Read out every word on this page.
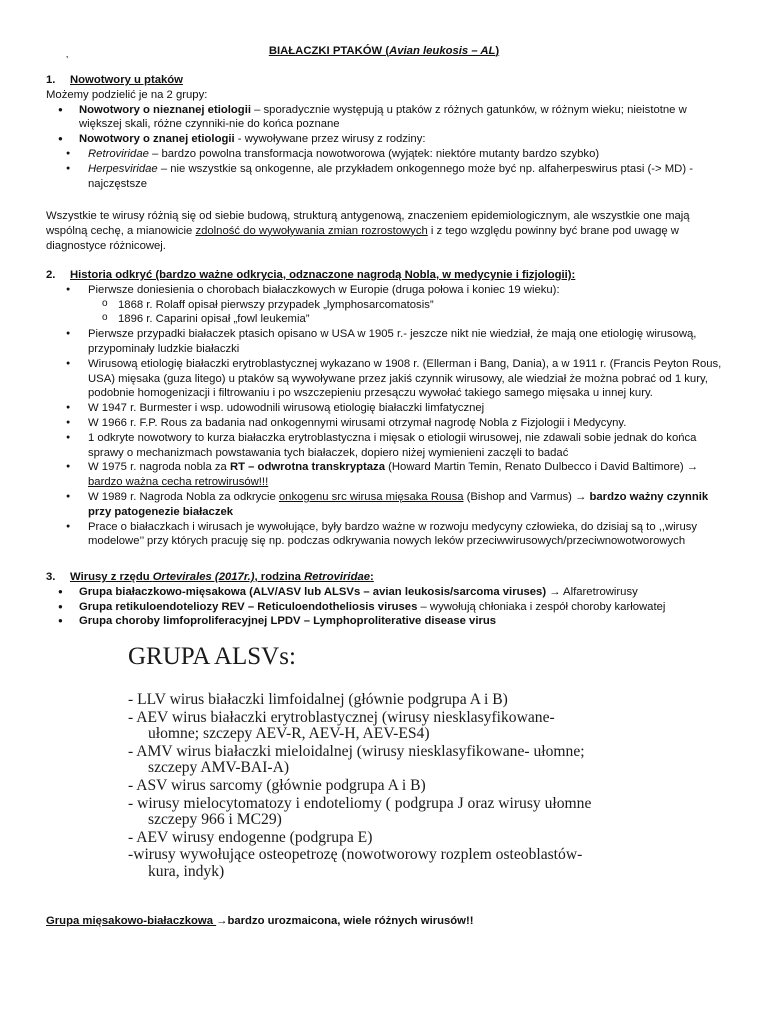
BIAŁACZKI PTAKÓW (Avian leukosis – AL)
’
1. Nowotwory u ptaków
Możemy podzielić je na 2 grupy:
● Nowotwory o nieznanej etiologii – sporadycznie występują u ptaków z różnych gatunków, w różnym wieku; nieistotne w większej skali, różne czynniki-nie do końca poznane
● Nowotwory o znanej etiologii - wywoływane przez wirusy z rodziny:
● Retroviridae – bardzo powolna transformacja nowotworowa (wyjątek: niektóre mutanty bardzo szybko)
● Herpesviridae – nie wszystkie są onkogenne, ale przykładem onkogennego może być np. alfaherpeswirus ptasi (-> MD) - najczęstsze
Wszystkie te wirusy różnią się od siebie budową, strukturą antygenową, znaczeniem epidemiologicznym, ale wszystkie one mają wspólną cechę, a mianowicie zdolność do wywoływania zmian rozrostowych i z tego względu powinny być brane pod uwagę w diagnostyce różnicowej.
2. Historia odkryć (bardzo ważne odkrycia, odznaczone nagrodą Nobla, w medycynie i fizjologii):
● Pierwsze doniesienia o chorobach białaczkowych w Europie (druga połowa i koniec 19 wieku):
o 1868 r. Rolaff opisał pierwszy przypadek „lymphosarcomatosis”
o 1896 r. Caparini opisał „fowl leukemia”
● Pierwsze przypadki białaczek ptasich opisano w USA w 1905 r.- jeszcze nikt nie wiedział, że mają one etiologię wirusową, przypominały ludzkie białaczki
● Wirusową etiologię białaczki erytroblastycznej wykazano w 1908 r. (Ellerman i Bang, Dania), a w 1911 r. (Francis Peyton Rous, USA) mięsaka (guza litego) u ptaków są wywoływane przez jakiś czynnik wirusowy, ale wiedział że można pobrać od 1 kury, podobnie homogenizacji i filtrowaniu i po wszczepieniu przesączu wywołać takiego samego mięsaka u innej kury.
● W 1947 r. Burmester i wsp. udowodnili wirusową etiologię białaczki limfatycznej
● W 1966 r. F.P. Rous za badania nad onkogennymi wirusami otrzymał nagrodę Nobla z Fizjologii i Medycyny.
● 1 odkryte nowotwory to kurza białaczka erytroblastyczna i mięsak o etiologii wirusowej, nie zdawali sobie jednak do końca sprawy o mechanizmach powstawania tych białaczek, dopiero niżej wymienieni zaczęli to badać
● W 1975 r. nagroda nobla za RT – odwrotna transkryptaza (Howard Martin Temin, Renato Dulbecco i David Baltimore) → bardzo ważna cecha retrowirusów!!!
● W 1989 r. Nagroda Nobla za odkrycie onkogenu src wirusa mięsaka Rousa (Bishop and Varmus) → bardzo ważny czynnik przy patogenezie białaczek
● Prace o białaczkach i wirusach je wywołujące, były bardzo ważne w rozwoju medycyny człowieka, do dzisiaj są to ,,wirusy modelowe’’ przy których pracuję się np. podczas odkrywania nowych leków przeciwwirusowych/przeciwnowotworowych
3. Wirusy z rzędu Ortevirales (2017r.), rodzina Retroviridae:
● Grupa białaczkowo-mięsakowa (ALV/ASV lub ALSVs – avian leukosis/sarcoma viruses) → Alfaretrowirusy
● Grupa retikuloendoteliozy REV – Reticuloendotheliosis viruses – wywołują chłoniaka i zespół choroby karłowatej
● Grupa choroby limfoproliferacyjnej LPDV – Lymphoproliterative disease virus
GRUPA ALSVs:
- LLV wirus białaczki limfoidalnej (głównie podgrupa A i B)
- AEV wirus białaczki erytroblastycznej (wirusy niesklasyfikowane-
ułomne; szczepy AEV-R, AEV-H, AEV-ES4)
- AMV wirus białaczki mieloidalnej (wirusy niesklasyfikowane- ułomne;
szczepy AMV-BAI-A)
- ASV wirus sarcomy (głównie podgrupa A i B)
- wirusy mielocytomatozy i endoteliomy ( podgrupa J oraz wirusy ułomne
szczepy 966 i MC29)
- AEV wirusy endogenne (podgrupa E)
-wirusy wywołujące osteopetrozę (nowotworowy rozplem osteoblastów-
kura, indyk)
Grupa mięsakowo-białaczkowa →bardzo urozmaicona, wiele różnych wirusów!!
